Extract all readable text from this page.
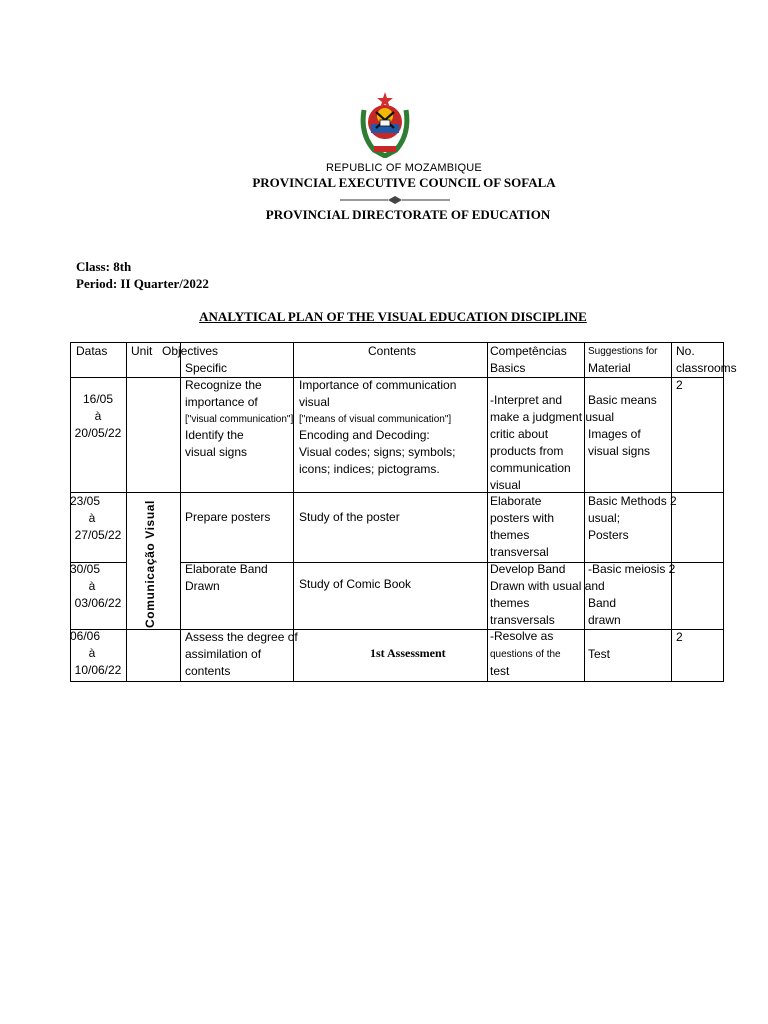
REPUBLIC OF MOZAMBIQUE
PROVINCIAL EXECUTIVE COUNCIL OF SOFALA
PROVINCIAL DIRECTORATE OF EDUCATION
Class: 8th
Period: II Quarter/2022
ANALYTICAL PLAN OF THE VISUAL EDUCATION DISCIPLINE
Datas Unit Objectives
Specific
Contents	Competências
Basics
Suggestions for
Material
No.
classrooms
Comunicação Visual
16/05
à
20/05/22
Recognize the
importance of
["visual communication"]
Identify the
visual signs
Importance of communication
visual
["means of visual communication"]
Encoding and Decoding:
Visual codes; signs; symbols;
icons; indices; pictograms.
-Interpret and
make a judgment usual
critic about
products from
communication
visual
Basic means
Images of
visual signs
2
23/05
à
27/05/22
Prepare posters Study of the poster
Elaborate
posters with
themes
transversal
Basic Methods 2
usual;
Posters
30/05
à
03/06/22
Elaborate Band
Drawn	Study of Comic Book
Develop Band
Drawn with usual and
themes
transversals
-Basic meiosis 2
Band
drawn
06/06
à
10/06/22
Assess the degree of
assimilation of
contents
1st Assessment
-Resolve as
questions of the
test
Test
2
